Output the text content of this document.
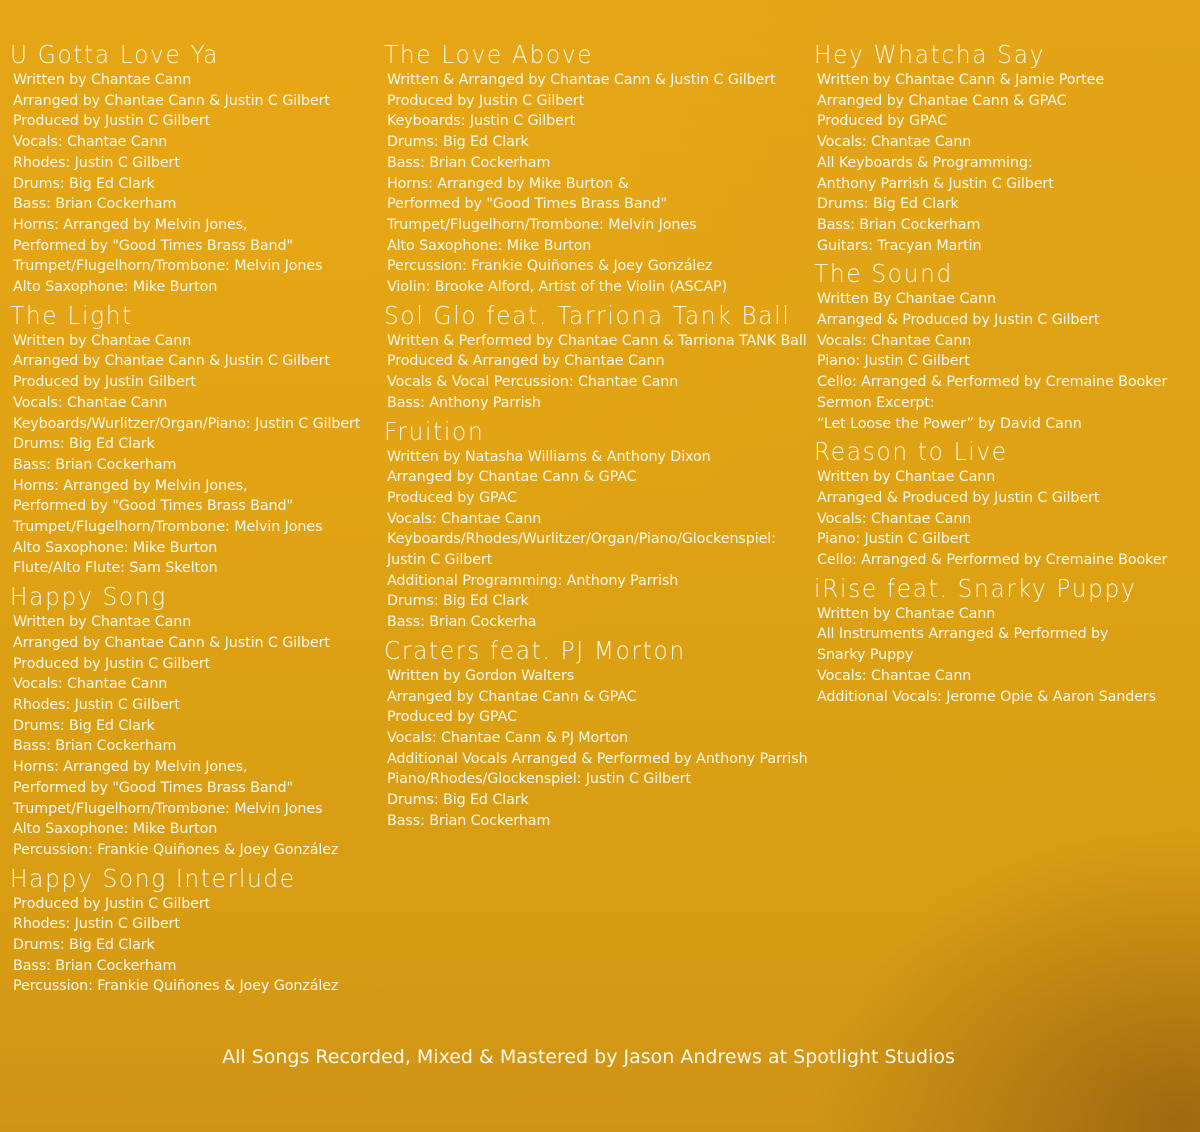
U Gotta Love Ya
Written by Chantae Cann
Arranged by Chantae Cann & Justin C Gilbert
Produced by Justin C Gilbert
Vocals: Chantae Cann
Rhodes: Justin C Gilbert
Drums: Big Ed Clark
Bass: Brian Cockerham
Horns: Arranged by Melvin Jones,
Performed by "Good Times Brass Band"
Trumpet/Flugelhorn/Trombone: Melvin Jones
Alto Saxophone: Mike Burton
The Light
Written by Chantae Cann
Arranged by Chantae Cann & Justin C Gilbert
Produced by Justin Gilbert
Vocals: Chantae Cann
Keyboards/Wurlitzer/Organ/Piano: Justin C Gilbert
Drums: Big Ed Clark
Bass: Brian Cockerham
Horns: Arranged by Melvin Jones,
Performed by "Good Times Brass Band"
Trumpet/Flugelhorn/Trombone: Melvin Jones
Alto Saxophone: Mike Burton
Flute/Alto Flute: Sam Skelton
Happy Song
Written by Chantae Cann
Arranged by Chantae Cann & Justin C Gilbert
Produced by Justin C Gilbert
Vocals: Chantae Cann
Rhodes: Justin C Gilbert
Drums: Big Ed Clark
Bass: Brian Cockerham
Horns: Arranged by Melvin Jones,
Performed by "Good Times Brass Band"
Trumpet/Flugelhorn/Trombone: Melvin Jones
Alto Saxophone: Mike Burton
Percussion: Frankie Quiñones & Joey González
Happy Song Interlude
Produced by Justin C Gilbert
Rhodes: Justin C Gilbert
Drums: Big Ed Clark
Bass: Brian Cockerham
Percussion: Frankie Quiñones & Joey González
The Love Above
Written & Arranged by Chantae Cann & Justin C Gilbert
Produced by Justin C Gilbert
Keyboards: Justin C Gilbert
Drums: Big Ed Clark
Bass: Brian Cockerham
Horns: Arranged by Mike Burton &
Performed by "Good Times Brass Band"
Trumpet/Flugelhorn/Trombone: Melvin Jones
Alto Saxophone: Mike Burton
Percussion: Frankie Quiñones & Joey González
Violin: Brooke Alford, Artist of the Violin (ASCAP)
Sol Glo feat. Tarriona Tank Ball
Written & Performed by Chantae Cann & Tarriona TANK Ball
Produced & Arranged by Chantae Cann
Vocals & Vocal Percussion: Chantae Cann
Bass: Anthony Parrish
Fruition
Written by Natasha Williams & Anthony Dixon
Arranged by Chantae Cann & GPAC
Produced by GPAC
Vocals: Chantae Cann
Keyboards/Rhodes/Wurlitzer/Organ/Piano/Glockenspiel:
Justin C Gilbert
Additional Programming: Anthony Parrish
Drums: Big Ed Clark
Bass: Brian Cockerha
Craters feat. PJ Morton
Written by Gordon Walters
Arranged by Chantae Cann & GPAC
Produced by GPAC
Vocals: Chantae Cann & PJ Morton
Additional Vocals Arranged & Performed by Anthony Parrish
Piano/Rhodes/Glockenspiel: Justin C Gilbert
Drums: Big Ed Clark
Bass: Brian Cockerham
Hey Whatcha Say
Written by Chantae Cann & Jamie Portee
Arranged by Chantae Cann & GPAC
Produced by GPAC
Vocals: Chantae Cann
All Keyboards & Programming:
Anthony Parrish & Justin C Gilbert
Drums: Big Ed Clark
Bass: Brian Cockerham
Guitars: Tracyan Martin
The Sound
Written By Chantae Cann
Arranged & Produced by Justin C Gilbert
Vocals: Chantae Cann
Piano: Justin C Gilbert
Cello: Arranged & Performed by Cremaine Booker
Sermon Excerpt:
“Let Loose the Power” by David Cann
Reason to Live
Written by Chantae Cann
Arranged & Produced by Justin C Gilbert
Vocals: Chantae Cann
Piano: Justin C Gilbert
Cello: Arranged & Performed by Cremaine Booker
iRise feat. Snarky Puppy
Written by Chantae Cann
All Instruments Arranged & Performed by
Snarky Puppy
Vocals: Chantae Cann
Additional Vocals: Jerome Opie & Aaron Sanders
All Songs Recorded, Mixed & Mastered by Jason Andrews at Spotlight Studios
